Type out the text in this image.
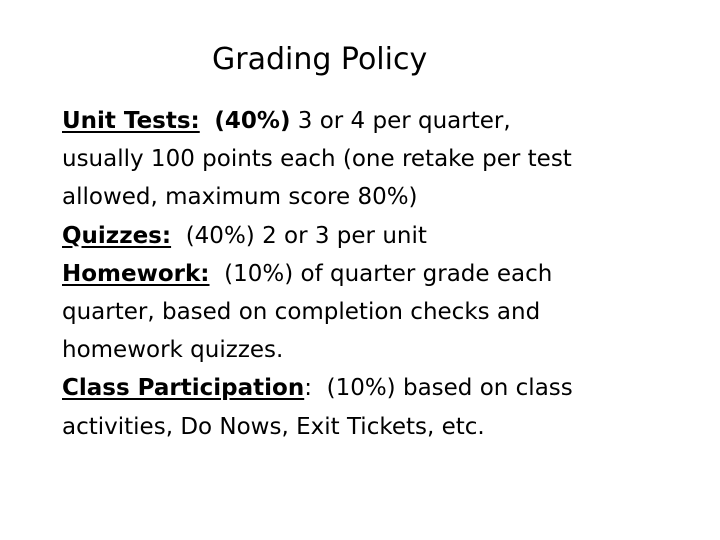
Grading Policy
Unit Tests: (40%) 3 or 4 per quarter,
usually 100 points each (one retake per test
allowed, maximum score 80%)
Quizzes:  (40%) 2 or 3 per unit
Homework:  (10%) of quarter grade each
quarter, based on completion checks and
homework quizzes.
Class Participation:  (10%) based on class
activities, Do Nows, Exit Tickets, etc.
